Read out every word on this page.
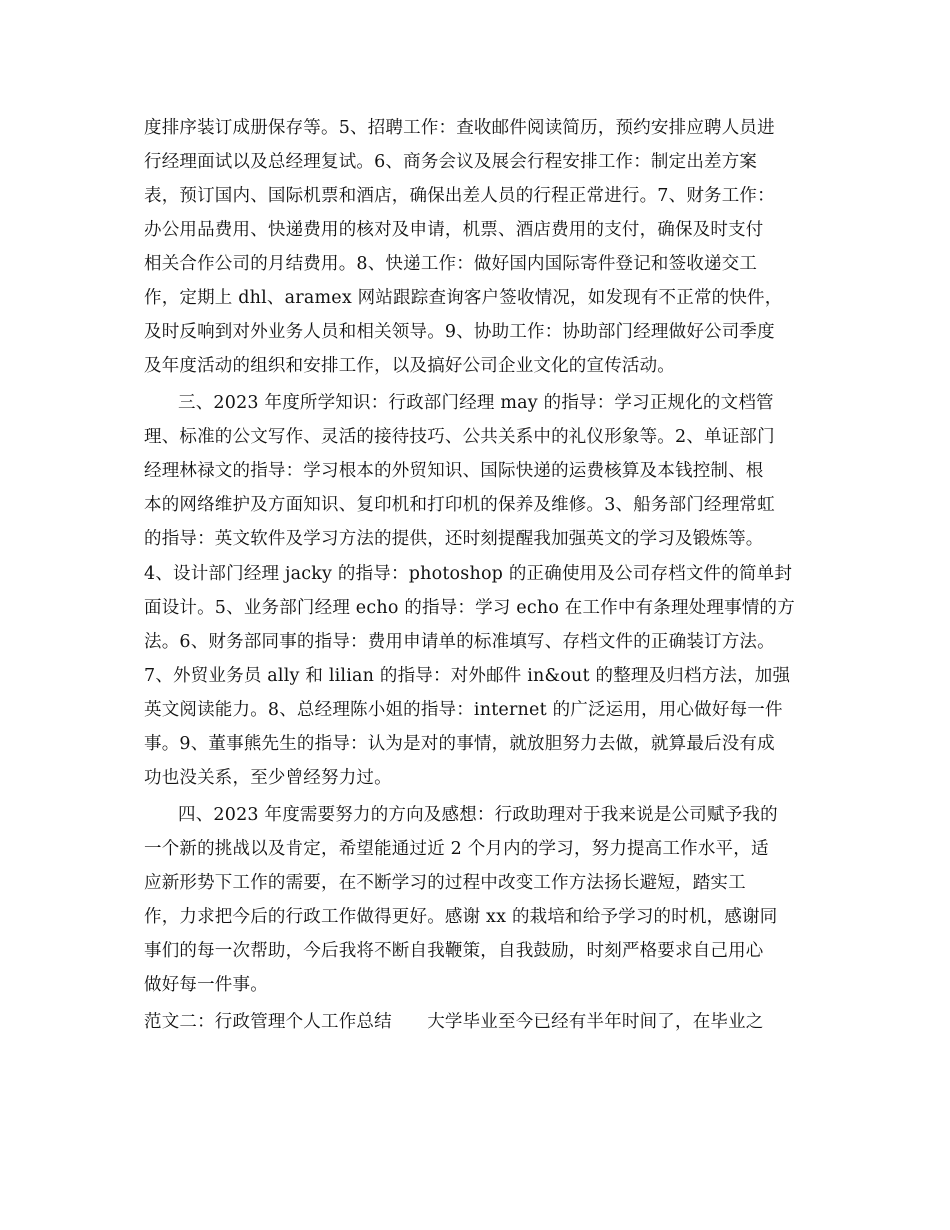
度排序装订成册保存等。5、招聘工作：查收邮件阅读简历，预约安排应聘人员进
行经理面试以及总经理复试。6、商务会议及展会行程安排工作：制定出差方案
表，预订国内、国际机票和酒店，确保出差人员的行程正常进行。7、财务工作：
办公用品费用、快递费用的核对及申请，机票、酒店费用的支付，确保及时支付
相关合作公司的月结费用。8、快递工作：做好国内国际寄件登记和签收递交工
作，定期上 dhl、aramex 网站跟踪查询客户签收情况，如发现有不正常的快件，
及时反响到对外业务人员和相关领导。9、协助工作：协助部门经理做好公司季度
及年度活动的组织和安排工作，以及搞好公司企业文化的宣传活动。
三、2023 年度所学知识：行政部门经理 may 的指导：学习正规化的文档管
理、标准的公文写作、灵活的接待技巧、公共关系中的礼仪形象等。2、单证部门
经理林禄文的指导：学习根本的外贸知识、国际快递的运费核算及本钱控制、根
本的网络维护及方面知识、复印机和打印机的保养及维修。3、船务部门经理常虹
的指导：英文软件及学习方法的提供，还时刻提醒我加强英文的学习及锻炼等。
4、设计部门经理 jacky 的指导：photoshop 的正确使用及公司存档文件的简单封
面设计。5、业务部门经理 echo 的指导：学习 echo 在工作中有条理处理事情的方
法。6、财务部同事的指导：费用申请单的标准填写、存档文件的正确装订方法。
7、外贸业务员 ally 和 lilian 的指导：对外邮件 in&out 的整理及归档方法，加强
英文阅读能力。8、总经理陈小姐的指导：internet 的广泛运用，用心做好每一件
事。9、董事熊先生的指导：认为是对的事情，就放胆努力去做，就算最后没有成
功也没关系，至少曾经努力过。
四、2023 年度需要努力的方向及感想：行政助理对于我来说是公司赋予我的
一个新的挑战以及肯定，希望能通过近 2 个月内的学习，努力提高工作水平，适
应新形势下工作的需要，在不断学习的过程中改变工作方法扬长避短，踏实工
作，力求把今后的行政工作做得更好。感谢 xx 的栽培和给予学习的时机，感谢同
事们的每一次帮助，今后我将不断自我鞭策，自我鼓励，时刻严格要求自己用心
做好每一件事。
范文二：行政管理个人工作总结　　大学毕业至今已经有半年时间了，在毕业之
